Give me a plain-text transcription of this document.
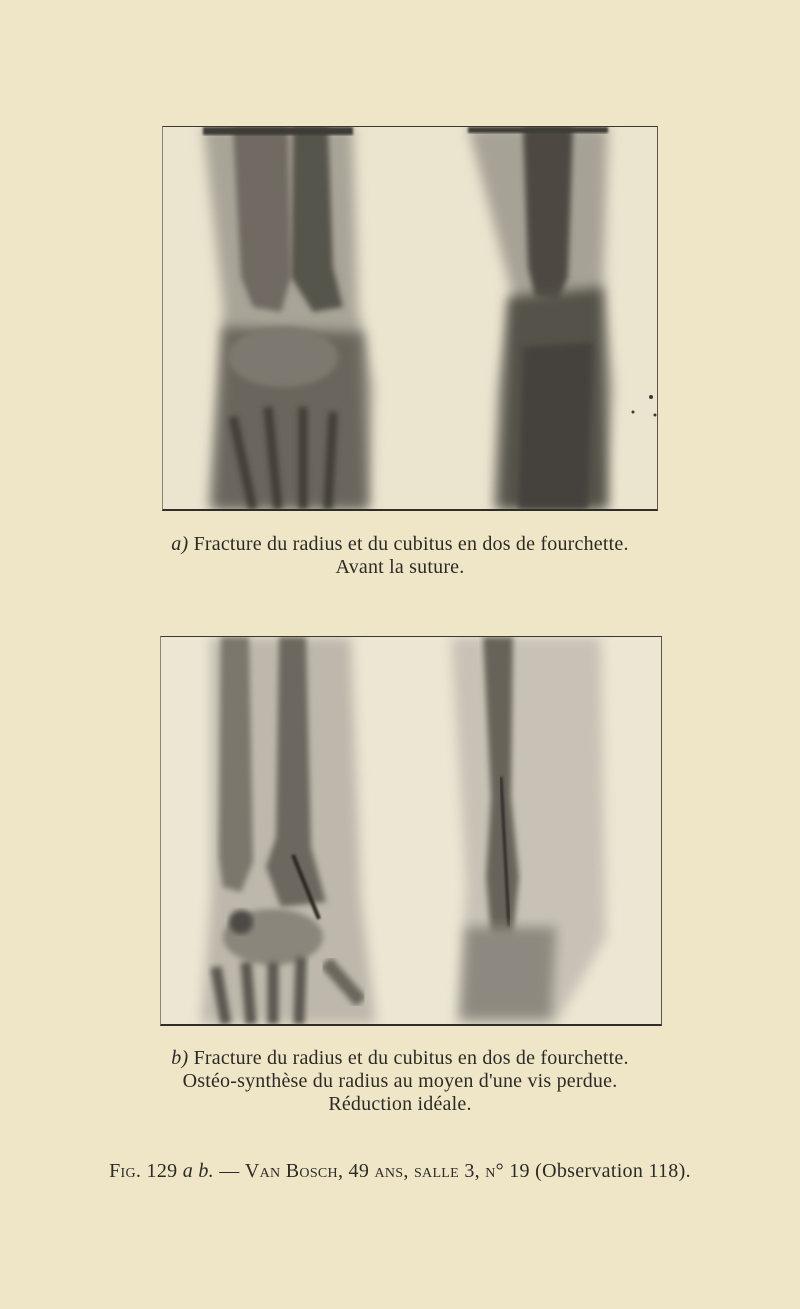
a) Fracture du radius et du cubitus en dos de fourchette.
Avant la suture.
b) Fracture du radius et du cubitus en dos de fourchette.
Ostéo-synthèse du radius au moyen d'une vis perdue.
Réduction idéale.
Fig. 129 a b. — Van Bosch, 49 ans, salle 3, n° 19 (Observation 118).
